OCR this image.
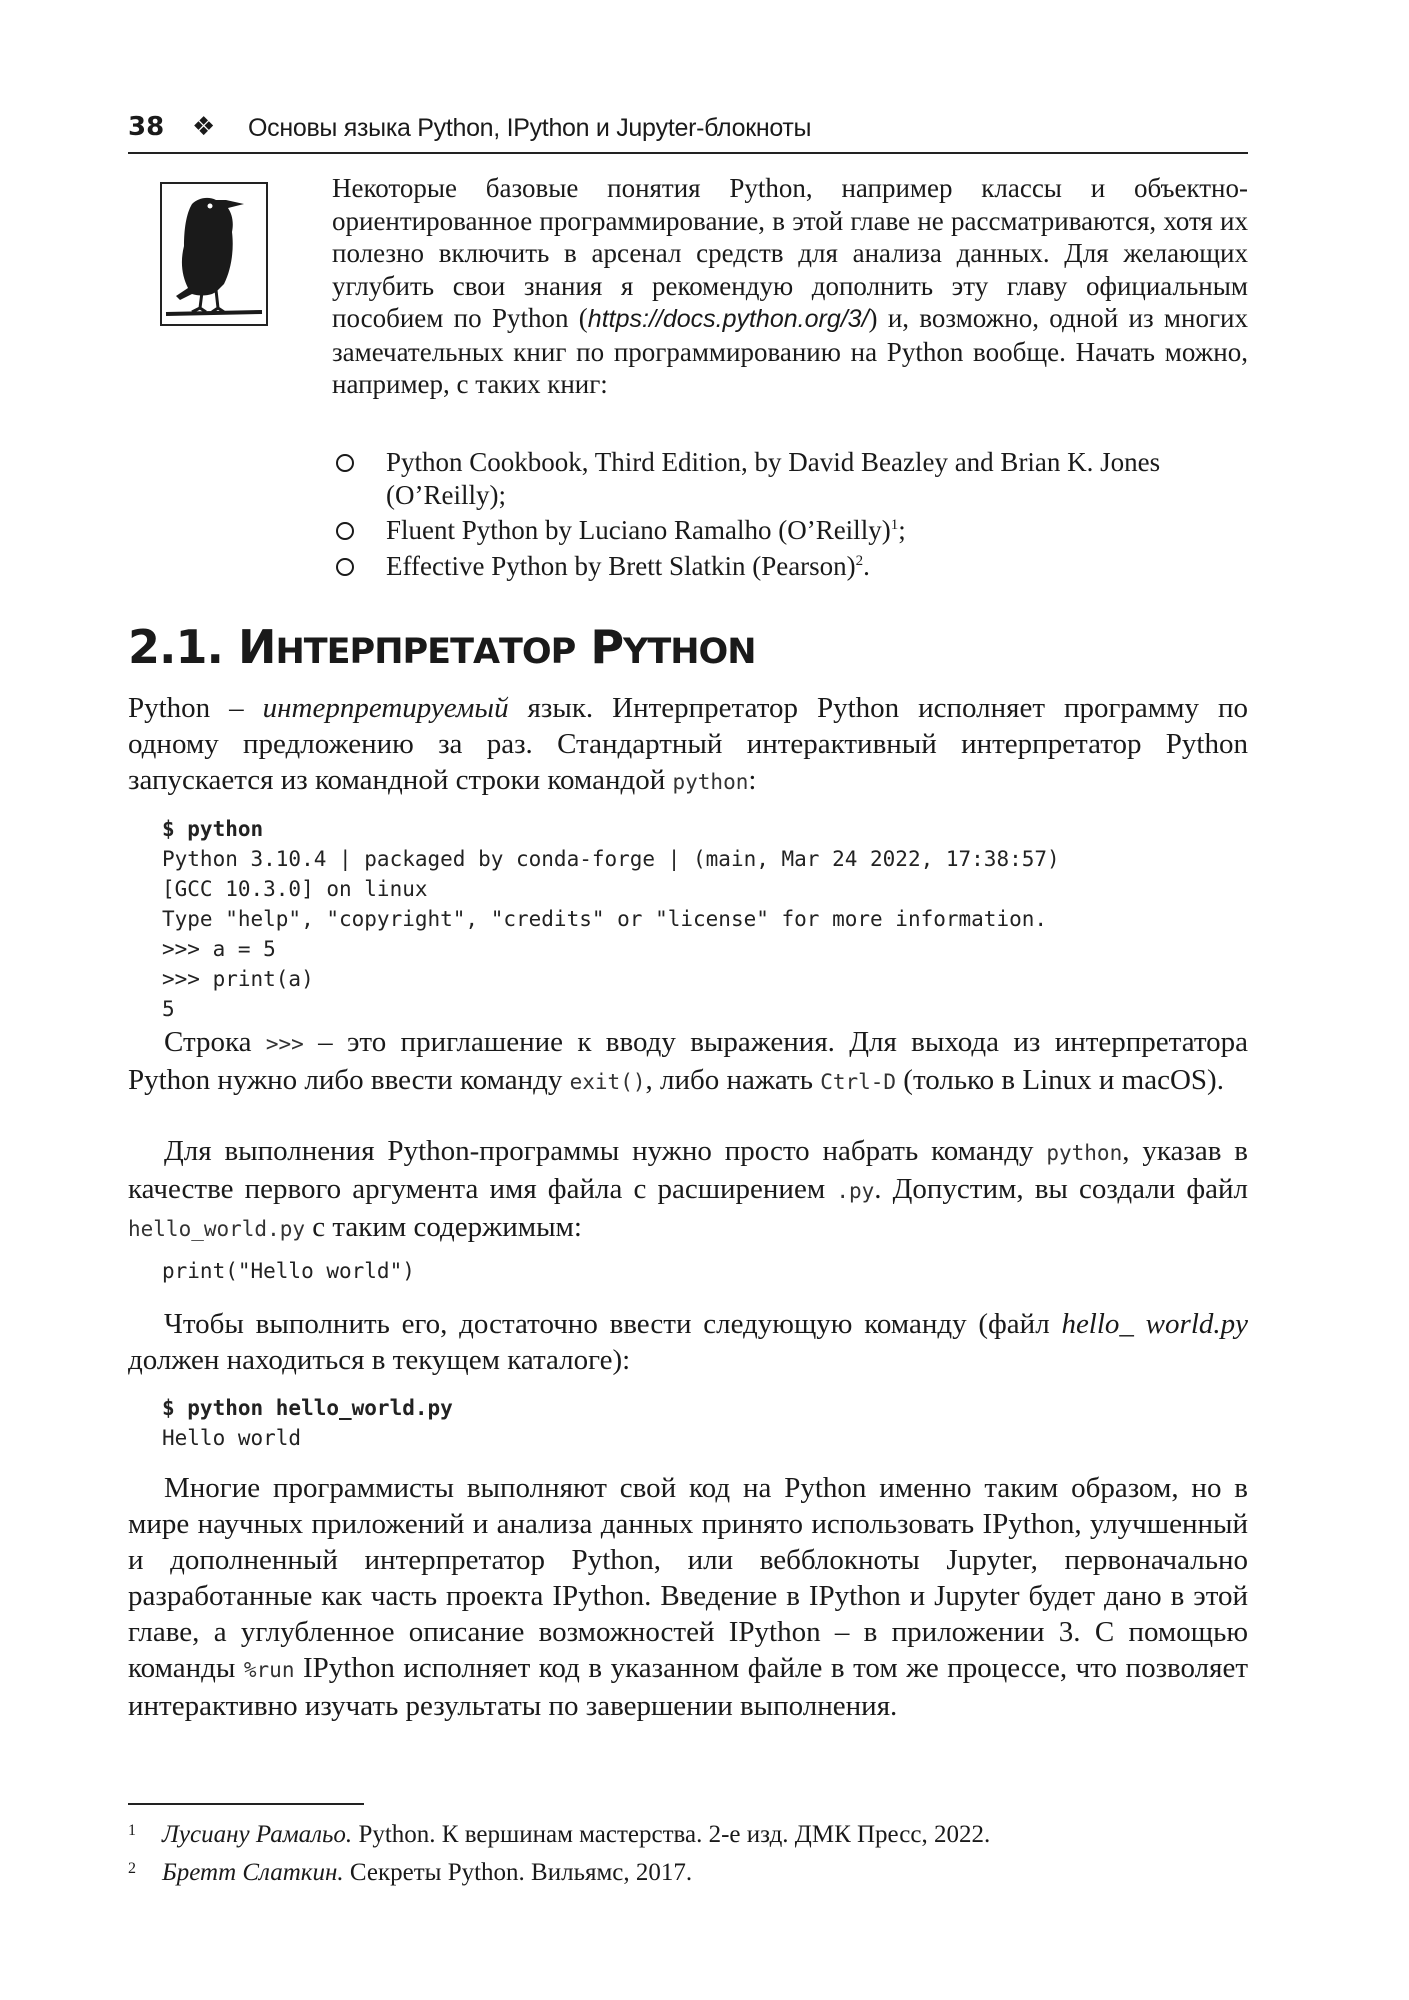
38 ❖ Основы языка Python, IPython и Jupyter-блокноты
Некоторые базовые понятия Python, например классы и объектно-ориентированное программирование, в этой главе не рассматриваются, хотя их полезно включить в арсенал средств для анализа данных. Для желающих углубить свои знания я рекомендую дополнить эту главу официальным пособием по Python (https://docs.python.org/3/) и, возможно, одной из многих замечательных книг по программированию на Python вообще. Начать можно, например, с таких книг:
Python Cookbook, Third Edition, by David Beazley and Brian K. Jones (O’Reilly);
Fluent Python by Luciano Ramalho (O’Reilly)$^1$;
Effective Python by Brett Slatkin (Pearson)$^2$.
2.1. ИНТЕРПРЕТАТОР PYTHON
Python – интерпретируемый язык. Интерпретатор Python исполняет программу по одному предложению за раз. Стандартный интерактивный интерпретатор Python запускается из командной строки командой python:
$ python
Python 3.10.4 | packaged by conda-forge | (main, Mar 24 2022, 17:38:57)
[GCC 10.3.0] on linux
Type "help", "copyright", "credits" or "license" for more information.
>>> a = 5
>>> print(a)
5
Строка >>> – это приглашение к вводу выражения. Для выхода из интерпретатора Python нужно либо ввести команду exit(), либо нажать Ctrl-D (только в Linux и macOS).
Для выполнения Python-программы нужно просто набрать команду python, указав в качестве первого аргумента имя файла с расширением .py. Допустим, вы создали файл hello_world.py с таким содержимым:
print("Hello world")
Чтобы выполнить его, достаточно ввести следующую команду (файл hello_ world.py должен находиться в текущем каталоге):
$ python hello_world.py
Hello world
Многие программисты выполняют свой код на Python именно таким образом, но в мире научных приложений и анализа данных принято использовать IPython, улучшенный и дополненный интерпретатор Python, или вебблокноты Jupyter, первоначально разработанные как часть проекта IPython. Введение в IPython и Jupyter будет дано в этой главе, а углубленное описание возможностей IPython – в приложении 3. С помощью команды %run IPython исполняет код в указанном файле в том же процессе, что позволяет интерактивно изучать результаты по завершении выполнения.
1 Лусиану Рамальо. Python. К вершинам мастерства. 2-е изд. ДМК Пресс, 2022.
2 Бретт Слаткин. Секреты Python. Вильямс, 2017.
